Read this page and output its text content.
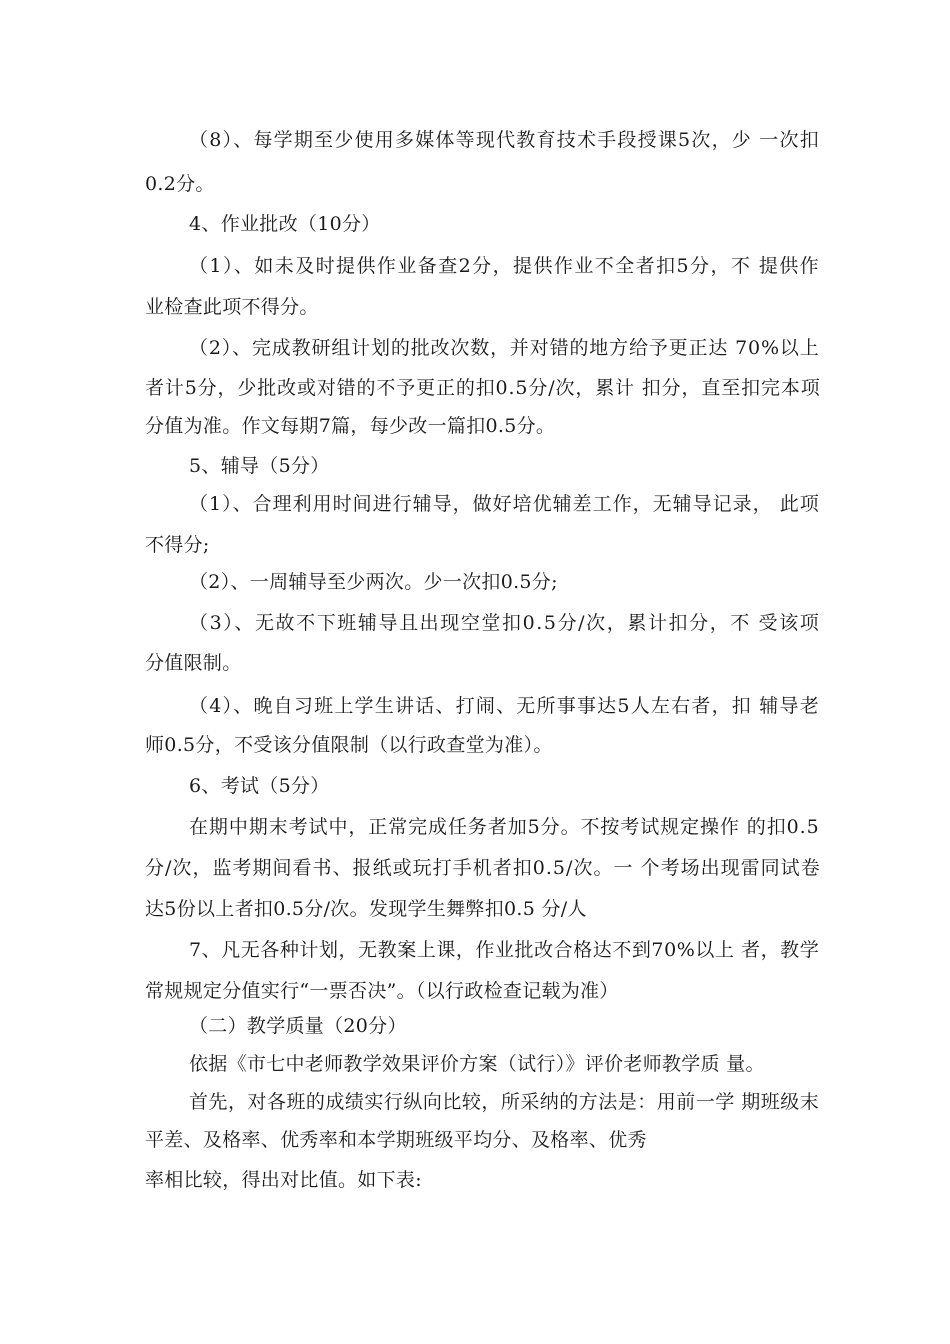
（8）、每学期至少使用多媒体等现代教育技术手段授课5次，少 一次扣
0.2分。
4、作业批改（10分）
（1）、如未及时提供作业备查2分，提供作业不全者扣5分，不 提供作
业检查此项不得分。
（2）、完成教研组计划的批改次数，并对错的地方给予更正达 70%以上
者计5分，少批改或对错的不予更正的扣0.5分/次，累计 扣分，直至扣完本项
分值为准。作文每期7篇，每少改一篇扣0.5分。
5、辅导（5分）
（1）、合理利用时间进行辅导，做好培优辅差工作，无辅导记录， 此项
不得分;
（2）、一周辅导至少两次。少一次扣0.5分;
（3）、无故不下班辅导且出现空堂扣0.5分/次，累计扣分，不 受该项
分值限制。
（4）、晚自习班上学生讲话、打闹、无所事事达5人左右者，扣 辅导老
师0.5分，不受该分值限制（以行政查堂为准）。
6、考试（5分）
在期中期末考试中，正常完成任务者加5分。不按考试规定操作 的扣0.5
分/次，监考期间看书、报纸或玩打手机者扣0.5/次。一 个考场出现雷同试卷
达5份以上者扣0.5分/次。发现学生舞弊扣0.5 分/人
7、凡无各种计划，无教案上课，作业批改合格达不到70%以上 者，教学
常规规定分值实行“一票否决”。（以行政检查记载为准）
（二）教学质量（20分）
依据《市七中老师教学效果评价方案（试行）》评价老师教学质 量。
首先，对各班的成绩实行纵向比较，所采纳的方法是：用前一学 期班级末
平差、及格率、优秀率和本学期班级平均分、及格率、优秀
率相比较，得出对比值。如下表:
